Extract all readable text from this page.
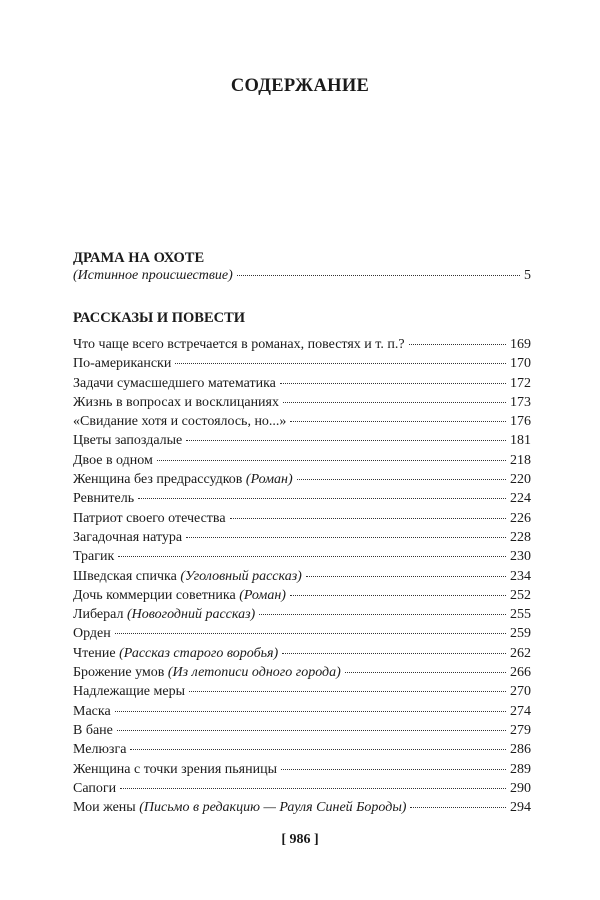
СОДЕРЖАНИЕ
ДРАМА НА ОХОТЕ
(Истинное происшествие)	5
РАССКАЗЫ И ПОВЕСТИ
Что чаще всего встречается в романах, повестях и т. п.?	169
По-американски	170
Задачи сумасшедшего математика	172
Жизнь в вопросах и восклицаниях	173
«Свидание хотя и состоялось, но...»	176
Цветы запоздалые	181
Двое в одном	218
Женщина без предрассудков (Роман)	220
Ревнитель	224
Патриот своего отечества	226
Загадочная натура	228
Трагик	230
Шведская спичка (Уголовный рассказ)	234
Дочь коммерции советника (Роман)	252
Либерал (Новогодний рассказ)	255
Орден	259
Чтение (Рассказ старого воробья)	262
Брожение умов (Из летописи одного города)	266
Надлежащие меры	270
Маска	274
В бане	279
Мелюзга	286
Женщина с точки зрения пьяницы	289
Сапоги	290
Мои жены (Письмо в редакцию — Рауля Синей Бороды)	294
[ 986 ]
